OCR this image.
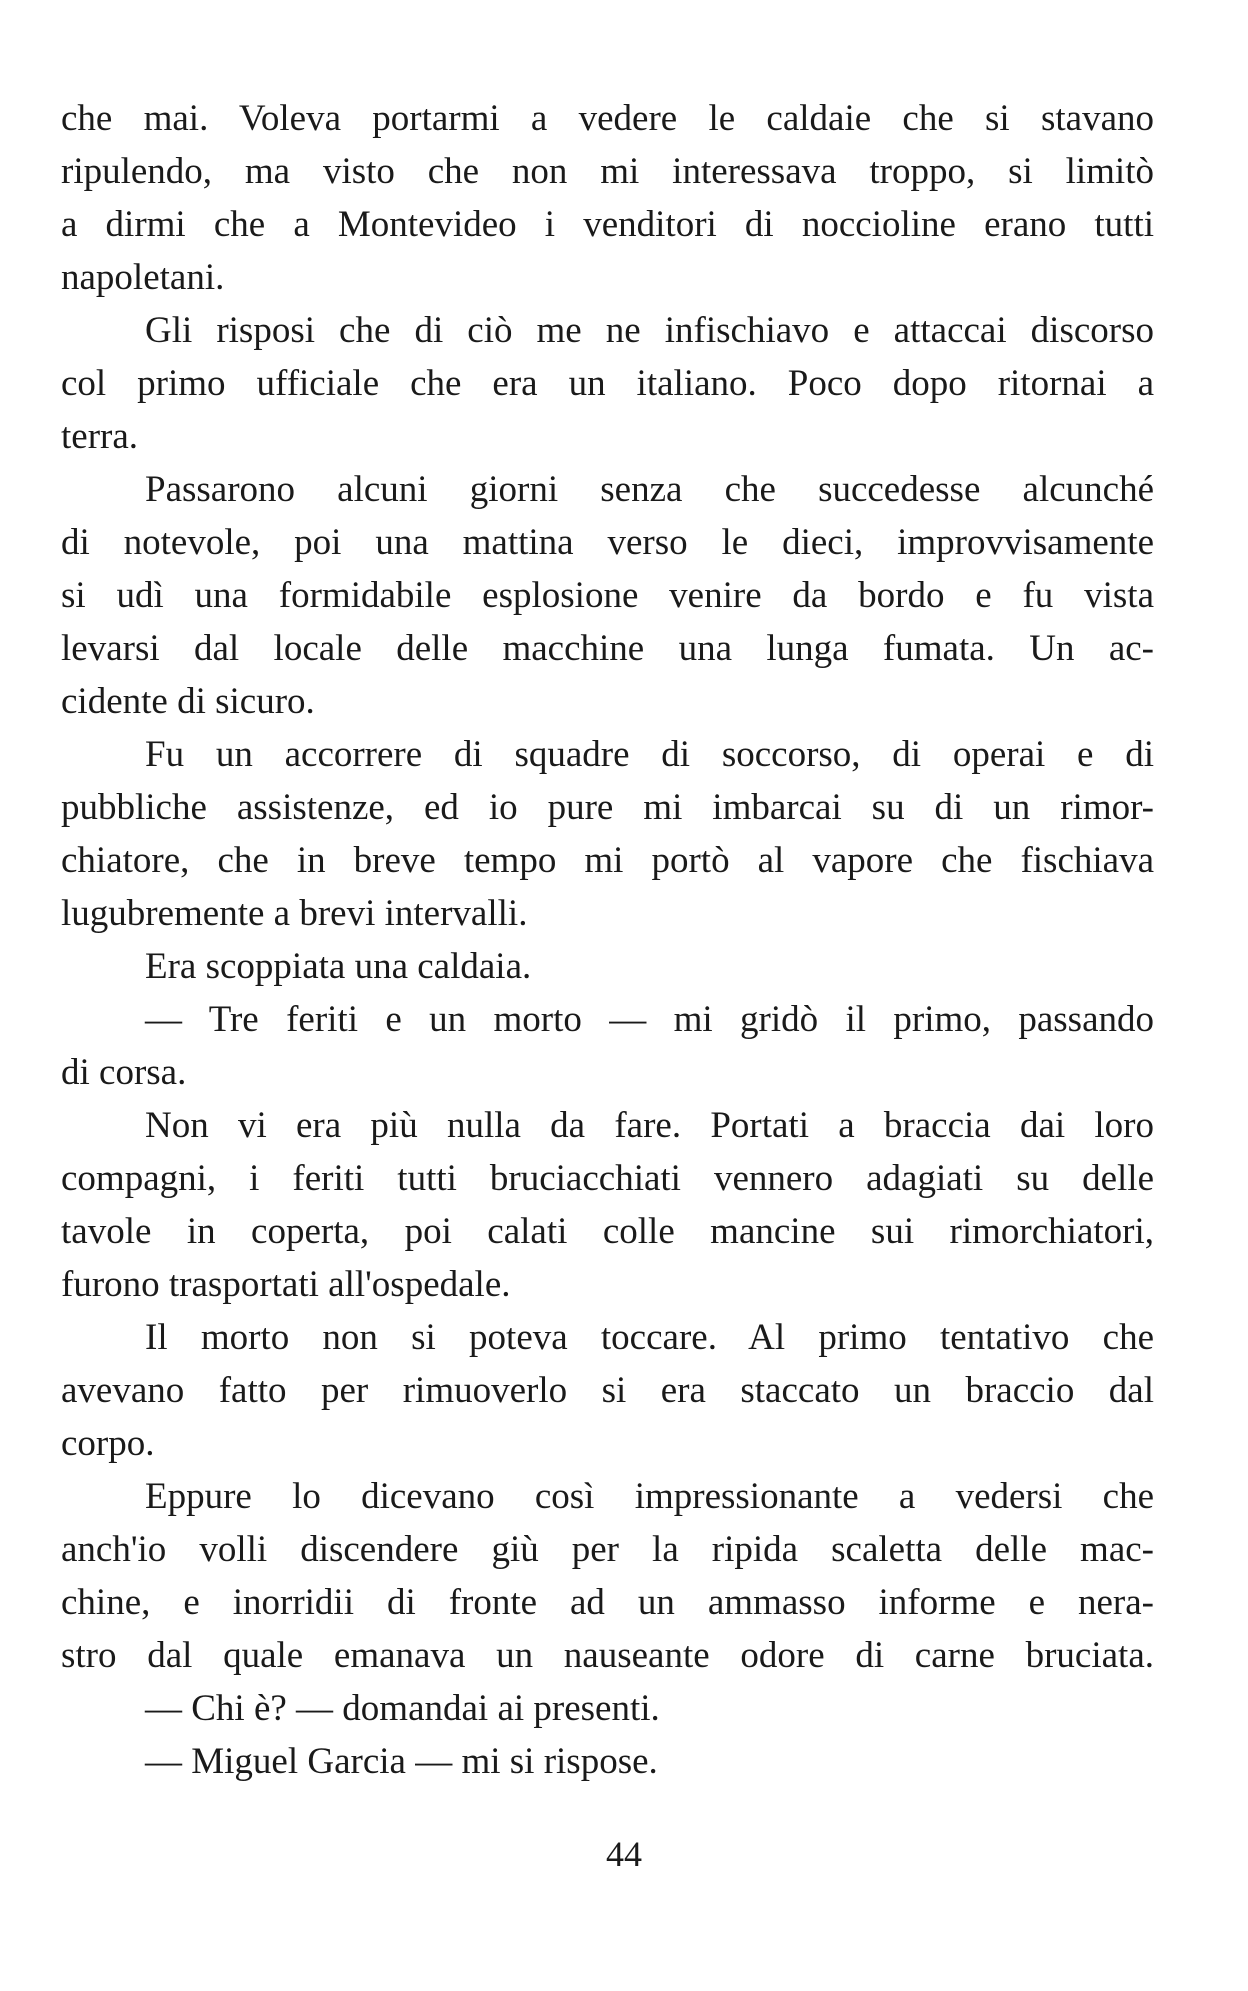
che mai. Voleva portarmi a vedere le caldaie che si stavano
ripulendo, ma visto che non mi interessava troppo, si limitò
a dirmi che a Montevideo i venditori di noccioline erano tutti
napoletani.
Gli risposi che di ciò me ne infischiavo e attaccai discorso
col primo ufficiale che era un italiano. Poco dopo ritornai a
terra.
Passarono alcuni giorni senza che succedesse alcunché
di notevole, poi una mattina verso le dieci, improvvisamente
si udì una formidabile esplosione venire da bordo e fu vista
levarsi dal locale delle macchine una lunga fumata. Un ac-
cidente di sicuro.
Fu un accorrere di squadre di soccorso, di operai e di
pubbliche assistenze, ed io pure mi imbarcai su di un rimor-
chiatore, che in breve tempo mi portò al vapore che fischiava
lugubremente a brevi intervalli.
Era scoppiata una caldaia.
— Tre feriti e un morto — mi gridò il primo, passando
di corsa.
Non vi era più nulla da fare. Portati a braccia dai loro
compagni, i feriti tutti bruciacchiati vennero adagiati su delle
tavole in coperta, poi calati colle mancine sui rimorchiatori,
furono trasportati all'ospedale.
Il morto non si poteva toccare. Al primo tentativo che
avevano fatto per rimuoverlo si era staccato un braccio dal
corpo.
Eppure lo dicevano così impressionante a vedersi che
anch'io volli discendere giù per la ripida scaletta delle mac-
chine, e inorridii di fronte ad un ammasso informe e nera-
stro dal quale emanava un nauseante odore di carne bruciata.
— Chi è? — domandai ai presenti.
— Miguel Garcia — mi si rispose.
44
